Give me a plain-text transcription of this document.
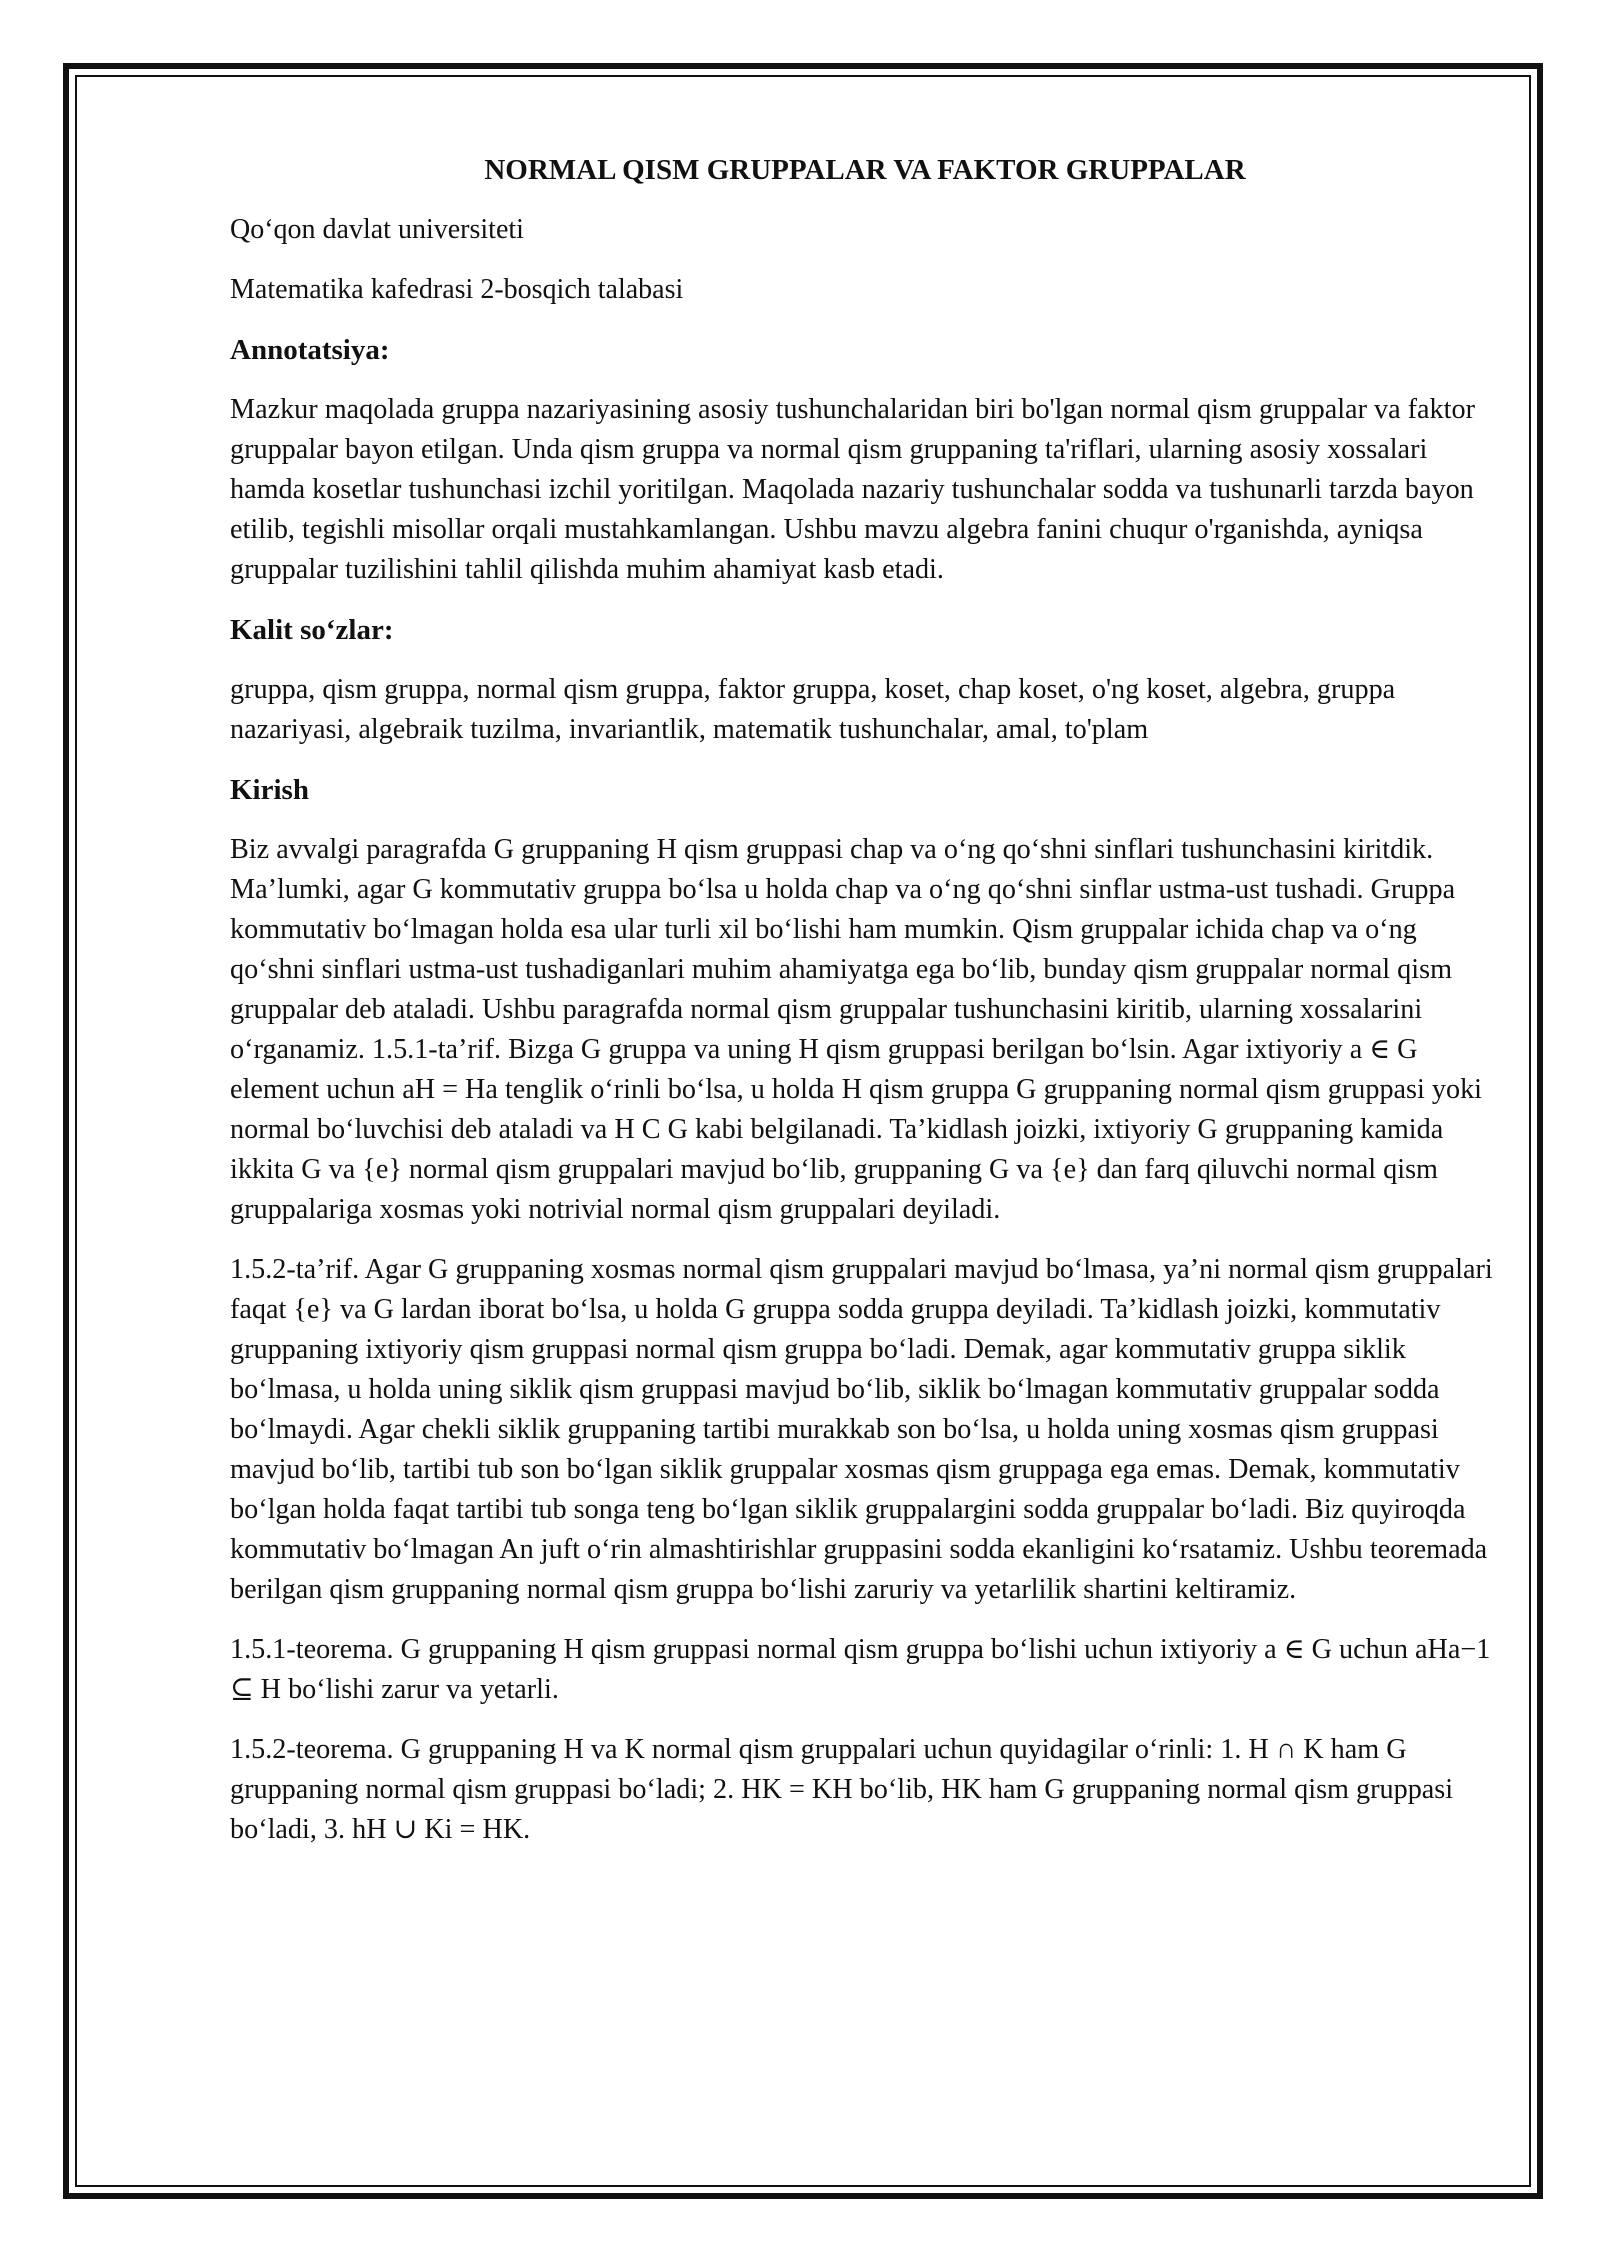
NORMAL QISM GRUPPALAR VA FAKTOR GRUPPALAR
Qo‘qon davlat universiteti
Matematika kafedrasi 2-bosqich talabasi
Annotatsiya:
Mazkur maqolada gruppa nazariyasining asosiy tushunchalaridan biri bo'lgan normal qism gruppalar va faktor gruppalar bayon etilgan. Unda qism gruppa va normal qism gruppaning ta'riflari, ularning asosiy xossalari hamda kosetlar tushunchasi izchil yoritilgan. Maqolada nazariy tushunchalar sodda va tushunarli tarzda bayon etilib, tegishli misollar orqali mustahkamlangan. Ushbu mavzu algebra fanini chuqur o'rganishda, ayniqsa gruppalar tuzilishini tahlil qilishda muhim ahamiyat kasb etadi.
Kalit so‘zlar:
gruppa, qism gruppa, normal qism gruppa, faktor gruppa, koset, chap koset, o'ng koset, algebra, gruppa nazariyasi, algebraik tuzilma, invariantlik, matematik tushunchalar, amal, to'plam
Kirish
Biz avvalgi paragrafda G gruppaning H qism gruppasi chap va o‘ng qo‘shni sinflari tushunchasini kiritdik. Ma’lumki, agar G kommutativ gruppa bo‘lsa u holda chap va o‘ng qo‘shni sinflar ustma-ust tushadi. Gruppa kommutativ bo‘lmagan holda esa ular turli xil bo‘lishi ham mumkin. Qism gruppalar ichida chap va o‘ng qo‘shni sinflari ustma-ust tushadiganlari muhim ahamiyatga ega bo‘lib, bunday qism gruppalar normal qism gruppalar deb ataladi. Ushbu paragrafda normal qism gruppalar tushunchasini kiritib, ularning xossalarini o‘rganamiz. 1.5.1-ta’rif. Bizga G gruppa va uning H qism gruppasi berilgan bo‘lsin. Agar ixtiyoriy a ∈ G element uchun aH = Ha tenglik o‘rinli bo‘lsa, u holda H qism gruppa G gruppaning normal qism gruppasi yoki normal bo‘luvchisi deb ataladi va H C G kabi belgilanadi. Ta’kidlash joizki, ixtiyoriy G gruppaning kamida ikkita G va {e} normal qism gruppalari mavjud bo‘lib, gruppaning G va {e} dan farq qiluvchi normal qism gruppalariga xosmas yoki notrivial normal qism gruppalari deyiladi.
1.5.2-ta’rif. Agar G gruppaning xosmas normal qism gruppalari mavjud bo‘lmasa, ya’ni normal qism gruppalari faqat {e} va G lardan iborat bo‘lsa, u holda G gruppa sodda gruppa deyiladi. Ta’kidlash joizki, kommutativ gruppaning ixtiyoriy qism gruppasi normal qism gruppa bo‘ladi. Demak, agar kommutativ gruppa siklik bo‘lmasa, u holda uning siklik qism gruppasi mavjud bo‘lib, siklik bo‘lmagan kommutativ gruppalar sodda bo‘lmaydi. Agar chekli siklik gruppaning tartibi murakkab son bo‘lsa, u holda uning xosmas qism gruppasi mavjud bo‘lib, tartibi tub son bo‘lgan siklik gruppalar xosmas qism gruppaga ega emas. Demak, kommutativ bo‘lgan holda faqat tartibi tub songa teng bo‘lgan siklik gruppalargini sodda gruppalar bo‘ladi. Biz quyiroqda kommutativ bo‘lmagan An juft o‘rin almashtirishlar gruppasini sodda ekanligini ko‘rsatamiz. Ushbu teoremada berilgan qism gruppaning normal qism gruppa bo‘lishi zaruriy va yetarlilik shartini keltiramiz.
1.5.1-teorema. G gruppaning H qism gruppasi normal qism gruppa bo‘lishi uchun ixtiyoriy a ∈ G uchun aHa−1 ⊆ H bo‘lishi zarur va yetarli.
1.5.2-teorema. G gruppaning H va K normal qism gruppalari uchun quyidagilar o‘rinli: 1. H ∩ K ham G gruppaning normal qism gruppasi bo‘ladi; 2. HK = KH bo‘lib, HK ham G gruppaning normal qism gruppasi bo‘ladi, 3. hH ∪ Ki = HK.
